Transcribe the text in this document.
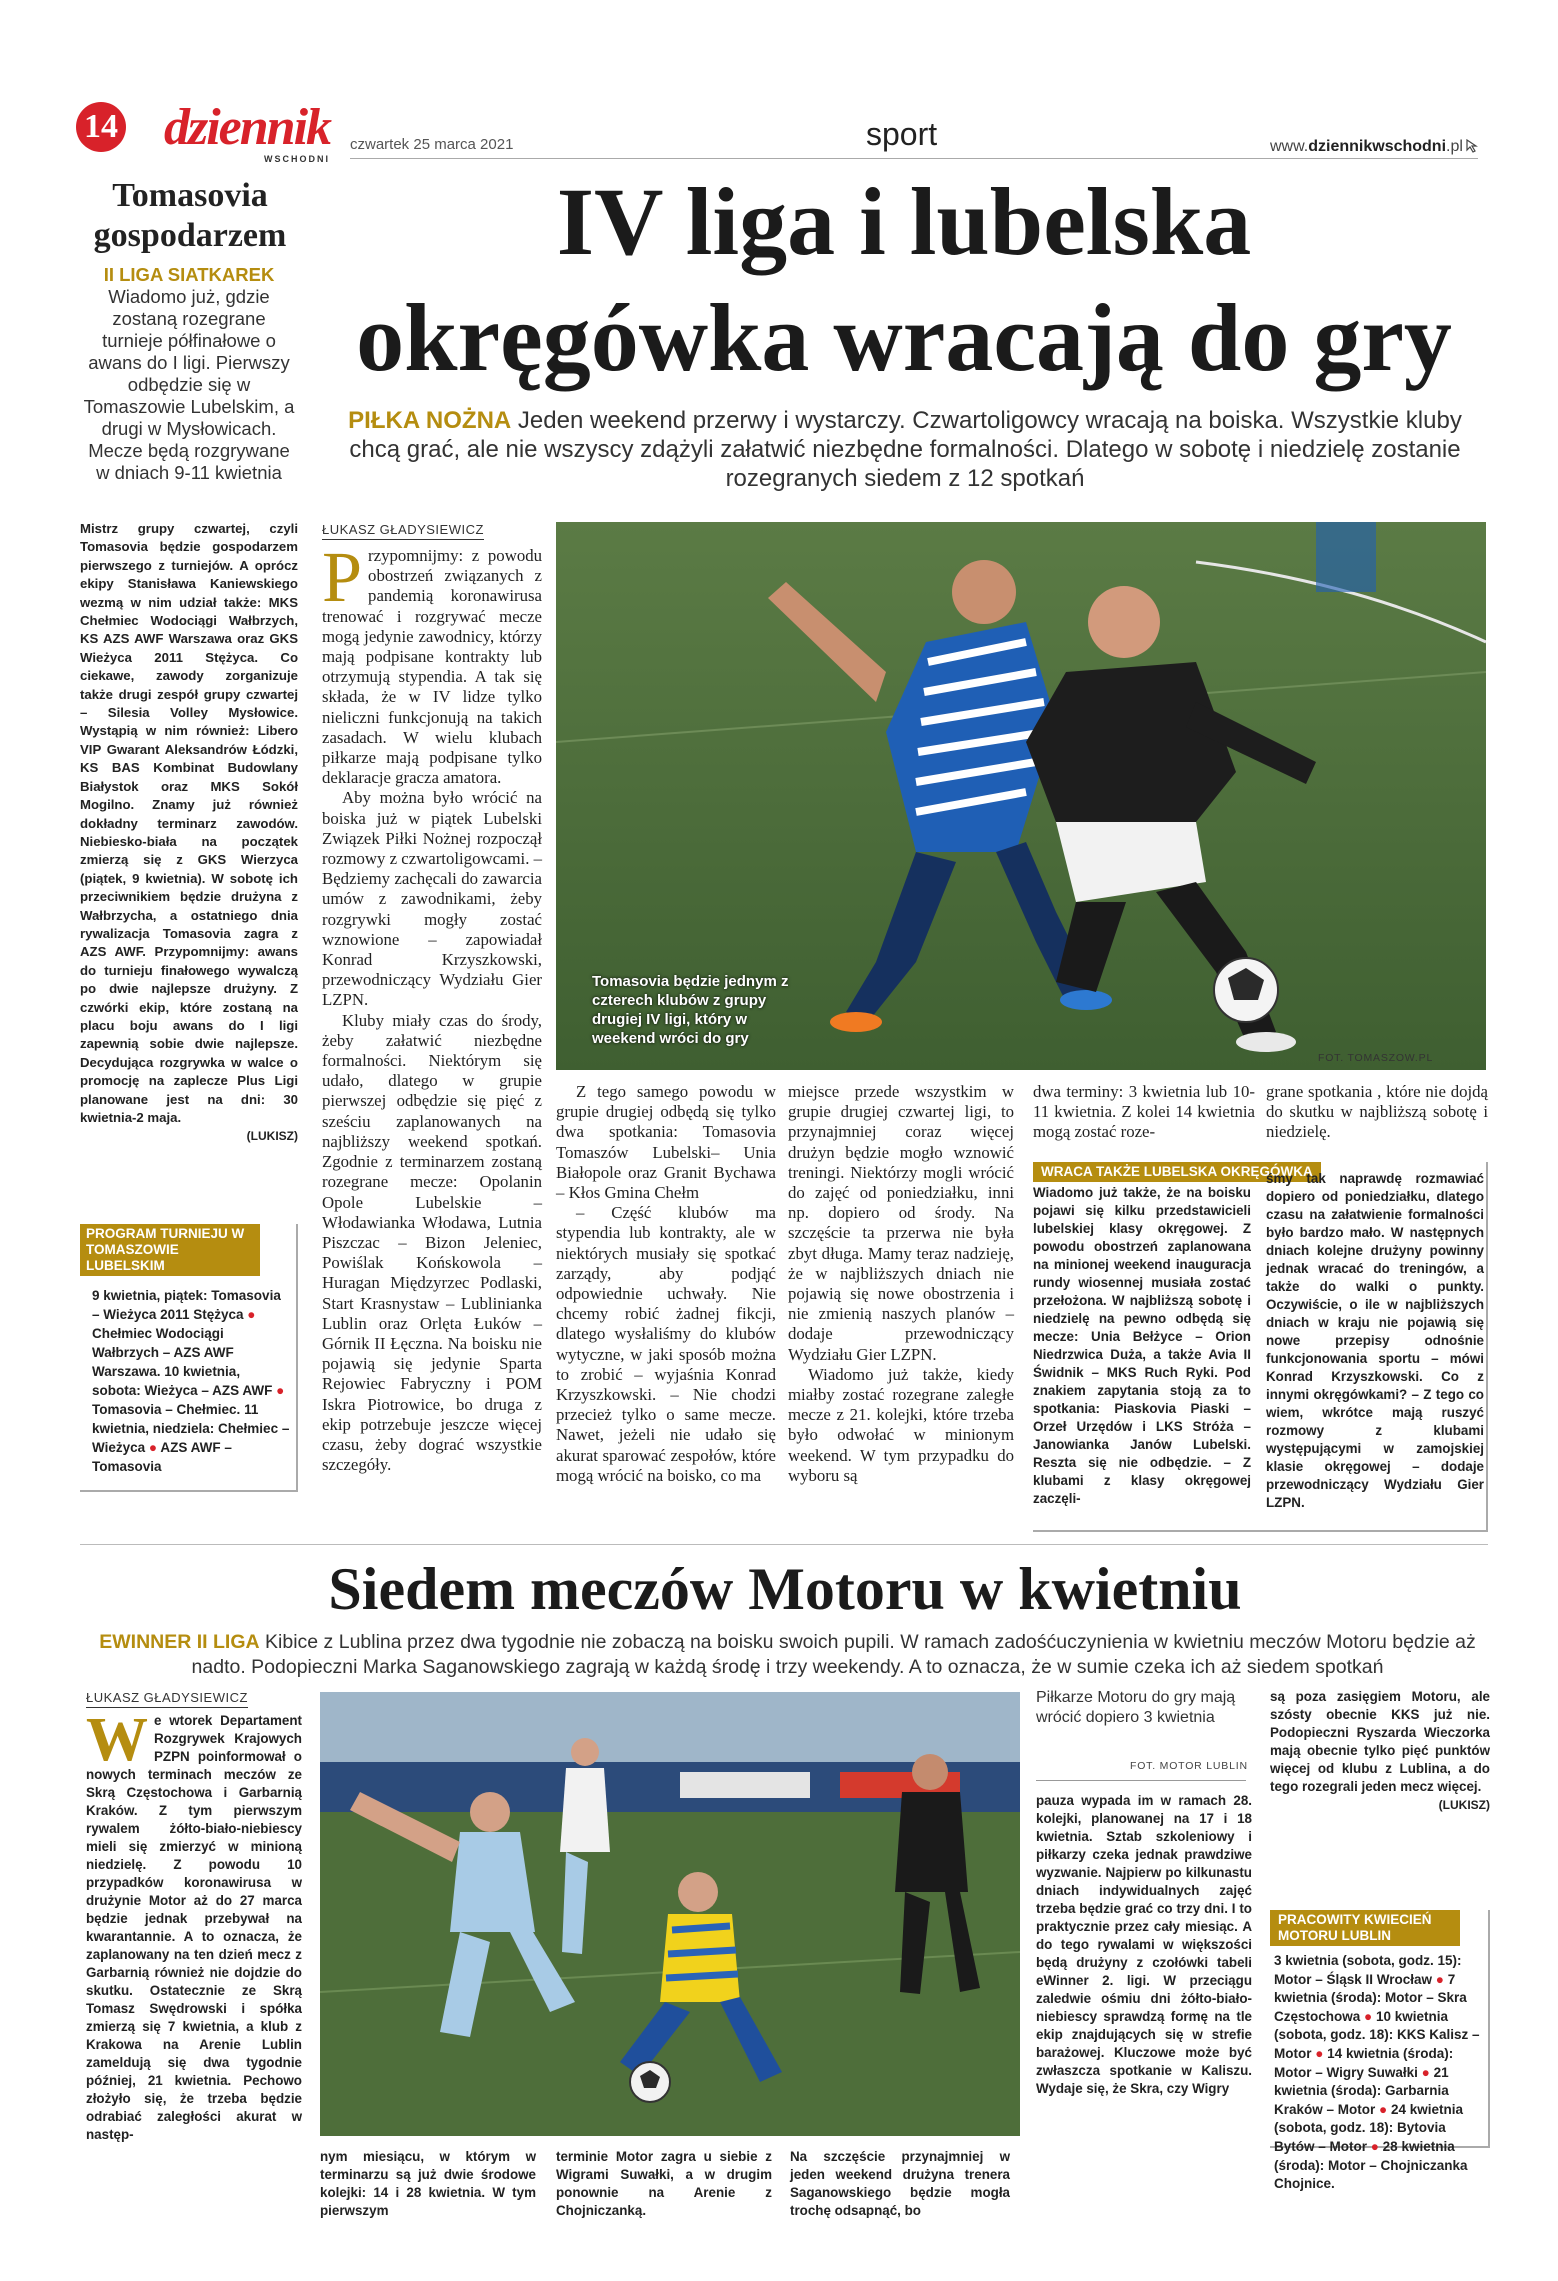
14 dziennik
WSCHODNI
czwartek 25 marca 2021	sport	www.dziennikwschodni.pl
Tomasovia gospodarzem
II LIGA SIATKAREK
Wiadomo już, gdzie zostaną rozegrane turnieje półfinałowe o awans do I ligi. Pierwszy odbędzie się w Tomaszowie Lubelskim, a drugi w Mysłowicach. Mecze będą rozgrywane w dniach 9-11 kwietnia
Mistrz grupy czwartej, czyli Tomasovia będzie gospodarzem pierwszego z turniejów. A oprócz ekipy Stanisława Kaniewskiego wezmą w nim udział także: MKS Chełmiec Wodociągi Wałbrzych, KS AZS AWF Warszawa oraz GKS Wieżyca 2011 Stężyca. Co ciekawe, zawody zorganizuje także drugi zespół grupy czwartej – Silesia Volley Mysłowice. Wystąpią w nim również: Libero VIP Gwarant Aleksandrów Łódzki, KS BAS Kombinat Budowlany Białystok oraz MKS Sokół Mogilno. Znamy już również dokładny terminarz zawodów. Niebiesko-biała na początek zmierzą się z GKS Wierzyca (piątek, 9 kwietnia). W sobotę ich przeciwnikiem będzie drużyna z Wałbrzycha, a ostatniego dnia rywalizacja Tomasovia zagra z AZS AWF. Przypomnijmy: awans do turnieju finałowego wywalczą po dwie najlepsze drużyny. Z czwórki ekip, które zostaną na placu boju awans do I ligi zapewnią sobie dwie najlepsze. Decydująca rozgrywka w walce o promocję na zaplecze Plus Ligi planowane jest na dni: 30 kwietnia-2 maja.
(LUKISZ)
PROGRAM TURNIEJU W TOMASZOWIE LUBELSKIM
9 kwietnia, piątek: Tomasovia – Wieżyca 2011 Stężyca ● Chełmiec Wodociągi Wałbrzych – AZS AWF Warszawa. 10 kwietnia, sobota: Wieżyca – AZS AWF ● Tomasovia – Chełmiec. 11 kwietnia, niedziela: Chełmiec – Wieżyca ● AZS AWF – Tomasovia
IV liga i lubelska
okręgówka wracają do gry
PIŁKA NOŻNA Jeden weekend przerwy i wystarczy. Czwartoligowcy wracają na boiska. Wszystkie kluby chcą grać, ale nie wszyscy zdążyli załatwić niezbędne formalności. Dlatego w sobotę i niedzielę zostanie rozegranych siedem z 12 spotkań
ŁUKASZ GŁADYSIEWICZ

Przypomnijmy: z powodu obostrzeń związanych z pandemią koronawirusa trenować i rozgrywać mecze mogą jedynie zawodnicy, którzy mają podpisane kontrakty lub otrzymują stypendia. A tak się składa, że w IV lidze tylko nieliczni funkcjonują na takich zasadach. W wielu klubach piłkarze mają podpisane tylko deklaracje gracza amatora.

Aby można było wrócić na boiska już w piątek Lubelski Związek Piłki Nożnej rozpoczął rozmowy z czwartoligowcami. – Będziemy zachęcali do zawarcia umów z zawodnikami, żeby rozgrywki mogły zostać wznowione – zapowiadał Konrad Krzyszkowski, przewodniczący Wydziału Gier LZPN.

Kluby miały czas do środy, żeby załatwić niezbędne formalności. Niektórym się udało, dlatego w grupie pierwszej odbędzie się pięć z sześciu zaplanowanych na najbliższy weekend spotkań. Zgodnie z terminarzem zostaną rozegrane mecze: Opolanin Opole Lubelskie – Włodawianka Włodawa, Lutnia Piszczac – Bizon Jeleniec, Powiślak Końskowola – Huragan Międzyrzec Podlaski, Start Krasnystaw – Lublinianka Lublin oraz Orlęta Łuków – Górnik II Łęczna. Na boisku nie pojawią się jedynie Sparta Rejowiec Fabryczny i POM Iskra Piotrowice, bo druga z ekip potrzebuje jeszcze więcej czasu, żeby dograć wszystkie szczegóły.

Tomasovia będzie jednym z czterech klubów z grupy drugiej IV ligi, który w weekend wróci do gry
FOT. TOMASZOW.PL

Z tego samego powodu w grupie drugiej odbędą się tylko dwa spotkania: Tomasovia Tomaszów Lubelski– Unia Białopole oraz Granit Bychawa – Kłos Gmina Chełm

– Część klubów ma stypendia lub kontrakty, ale w niektórych musiały się spotkać zarządy, aby podjąć odpowiednie uchwały. Nie chcemy robić żadnej fikcji, dlatego wysłaliśmy do klubów wytyczne, w jaki sposób można to zrobić – wyjaśnia Konrad Krzyszkowski. – Nie chodzi przecież tylko o same mecze. Nawet, jeżeli nie udało się akurat sparować zespołów, które mogą wrócić na boisko, co ma

miejsce przede wszystkim w grupie drugiej czwartej ligi, to przynajmniej coraz więcej drużyn będzie mogło wznowić treningi. Niektórzy mogli wrócić do zajęć od poniedziałku, inni np. dopiero od środy. Na szczęście ta przerwa nie była zbyt długa. Mamy teraz nadzieję, że w najbliższych dniach nie pojawią się nowe obostrzenia i nie zmienią naszych planów – dodaje przewodniczący Wydziału Gier LZPN.

Wiadomo już także, kiedy miałby zostać rozegrane zaległe mecze z 21. kolejki, które trzeba było odwołać w minionym weekend. W tym przypadku do wyboru są

dwa terminy: 3 kwietnia lub 10-11 kwietnia. Z kolei 14 kwietnia mogą zostać roze-

grane spotkania , które nie dojdą do skutku w najbliższą sobotę i niedzielę.

WRACA TAKŻE LUBELSKA OKRĘGÓWKA
Wiadomo już także, że na boisku pojawi się kilku przedstawicieli lubelskiej klasy okręgowej. Z powodu obostrzeń zaplanowana na minionej weekend inauguracja rundy wiosennej musiała zostać przełożona. W najbliższą sobotę i niedzielę na pewno odbędą się mecze: Unia Bełżyce – Orion Niedrzwica Duża, a także Avia II Świdnik – MKS Ruch Ryki. Pod znakiem zapytania stoją za to spotkania: Piaskovia Piaski – Orzeł Urzędów i LKS Stróża – Janowianka Janów Lubelski. Reszta się nie odbędzie. – Z klubami z klasy okręgowej zaczęli-
śmy tak naprawdę rozmawiać dopiero od poniedziałku, dlatego czasu na załatwienie formalności było bardzo mało. W następnych dniach kolejne drużyny powinny jednak wracać do treningów, a także do walki o punkty. Oczywiście, o ile w najbliższych dniach w kraju nie pojawią się nowe przepisy odnośnie funkcjonowania sportu – mówi Konrad Krzyszkowski. Co z innymi okręgówkami? – Z tego co wiem, wkrótce mają ruszyć rozmowy z klubami występującymi w zamojskiej klasie okręgowej – dodaje przewodniczący Wydziału Gier LZPN.
Siedem meczów Motoru w kwietniu
EWINNER II LIGA Kibice z Lublina przez dwa tygodnie nie zobaczą na boisku swoich pupili. W ramach zadośćuczynienia w kwietniu meczów Motoru będzie aż nadto. Podopieczni Marka Saganowskiego zagrają w każdą środę i trzy weekendy. A to oznacza, że w sumie czeka ich aż siedem spotkań
ŁUKASZ GŁADYSIEWICZ
We wtorek Departament Rozgrywek Krajowych PZPN poinformował o nowych terminach meczów ze Skrą Częstochowa i Garbarnią Kraków. Z tym pierwszym rywalem żółto-biało-niebiescy mieli się zmierzyć w minioną niedzielę. Z powodu 10 przypadków koronawirusa w drużynie Motor aż do 27 marca będzie jednak przebywał na kwarantannie. A to oznacza, że zaplanowany na ten dzień mecz z Garbarnią również nie dojdzie do skutku. Ostatecznie ze Skrą Tomasz Swędrowski i spółka zmierzą się 7 kwietnia, a klub z Krakowa na Arenie Lublin zameldują się dwa tygodnie później, 21 kwietnia. Pechowo złożyło się, że trzeba będzie odrabiać zaległości akurat w następ-
nym miesiącu, w którym w terminarzu są już dwie środowe kolejki: 14 i 28 kwietnia. W tym pierwszym
terminie Motor zagra u siebie z Wigrami Suwałki, a w drugim ponownie na Arenie z Chojniczanką.
Na szczęście przynajmniej w jeden weekend drużyna trenera Saganowskiego będzie mogła trochę odsapnąć, bo
Piłkarze Motoru do gry mają wrócić dopiero 3 kwietnia
FOT. MOTOR LUBLIN
pauza wypada im w ramach 28. kolejki, planowanej na 17 i 18 kwietnia. Sztab szkoleniowy i piłkarzy czeka jednak prawdziwe wyzwanie. Najpierw po kilkunastu dniach indywidualnych zajęć trzeba będzie grać co trzy dni. I to praktycznie przez cały miesiąc. A do tego rywalami w większości będą drużyny z czołówki tabeli eWinner 2. ligi. W przeciągu zaledwie ośmiu dni żółto-biało-niebiescy sprawdzą formę na tle ekip znajdujących się w strefie barażowej. Kluczowe może być zwłaszcza spotkanie w Kaliszu. Wydaje się, że Skra, czy Wigry
są poza zasięgiem Motoru, ale szósty obecnie KKS już nie. Podopieczni Ryszarda Wieczorka mają obecnie tylko pięć punktów więcej od klubu z Lublina, a do tego rozegrali jeden mecz więcej.
(LUKISZ)
PRACOWITY KWIECIEŃ MOTORU LUBLIN
3 kwietnia (sobota, godz. 15): Motor – Śląsk II Wrocław ● 7 kwietnia (środa): Motor – Skra Częstochowa ● 10 kwietnia (sobota, godz. 18): KKS Kalisz – Motor ● 14 kwietnia (środa): Motor – Wigry Suwałki ● 21 kwietnia (środa): Garbarnia Kraków – Motor ● 24 kwietnia (sobota, godz. 18): Bytovia Bytów – Motor ● 28 kwietnia (środa): Motor – Chojniczanka Chojnice.
